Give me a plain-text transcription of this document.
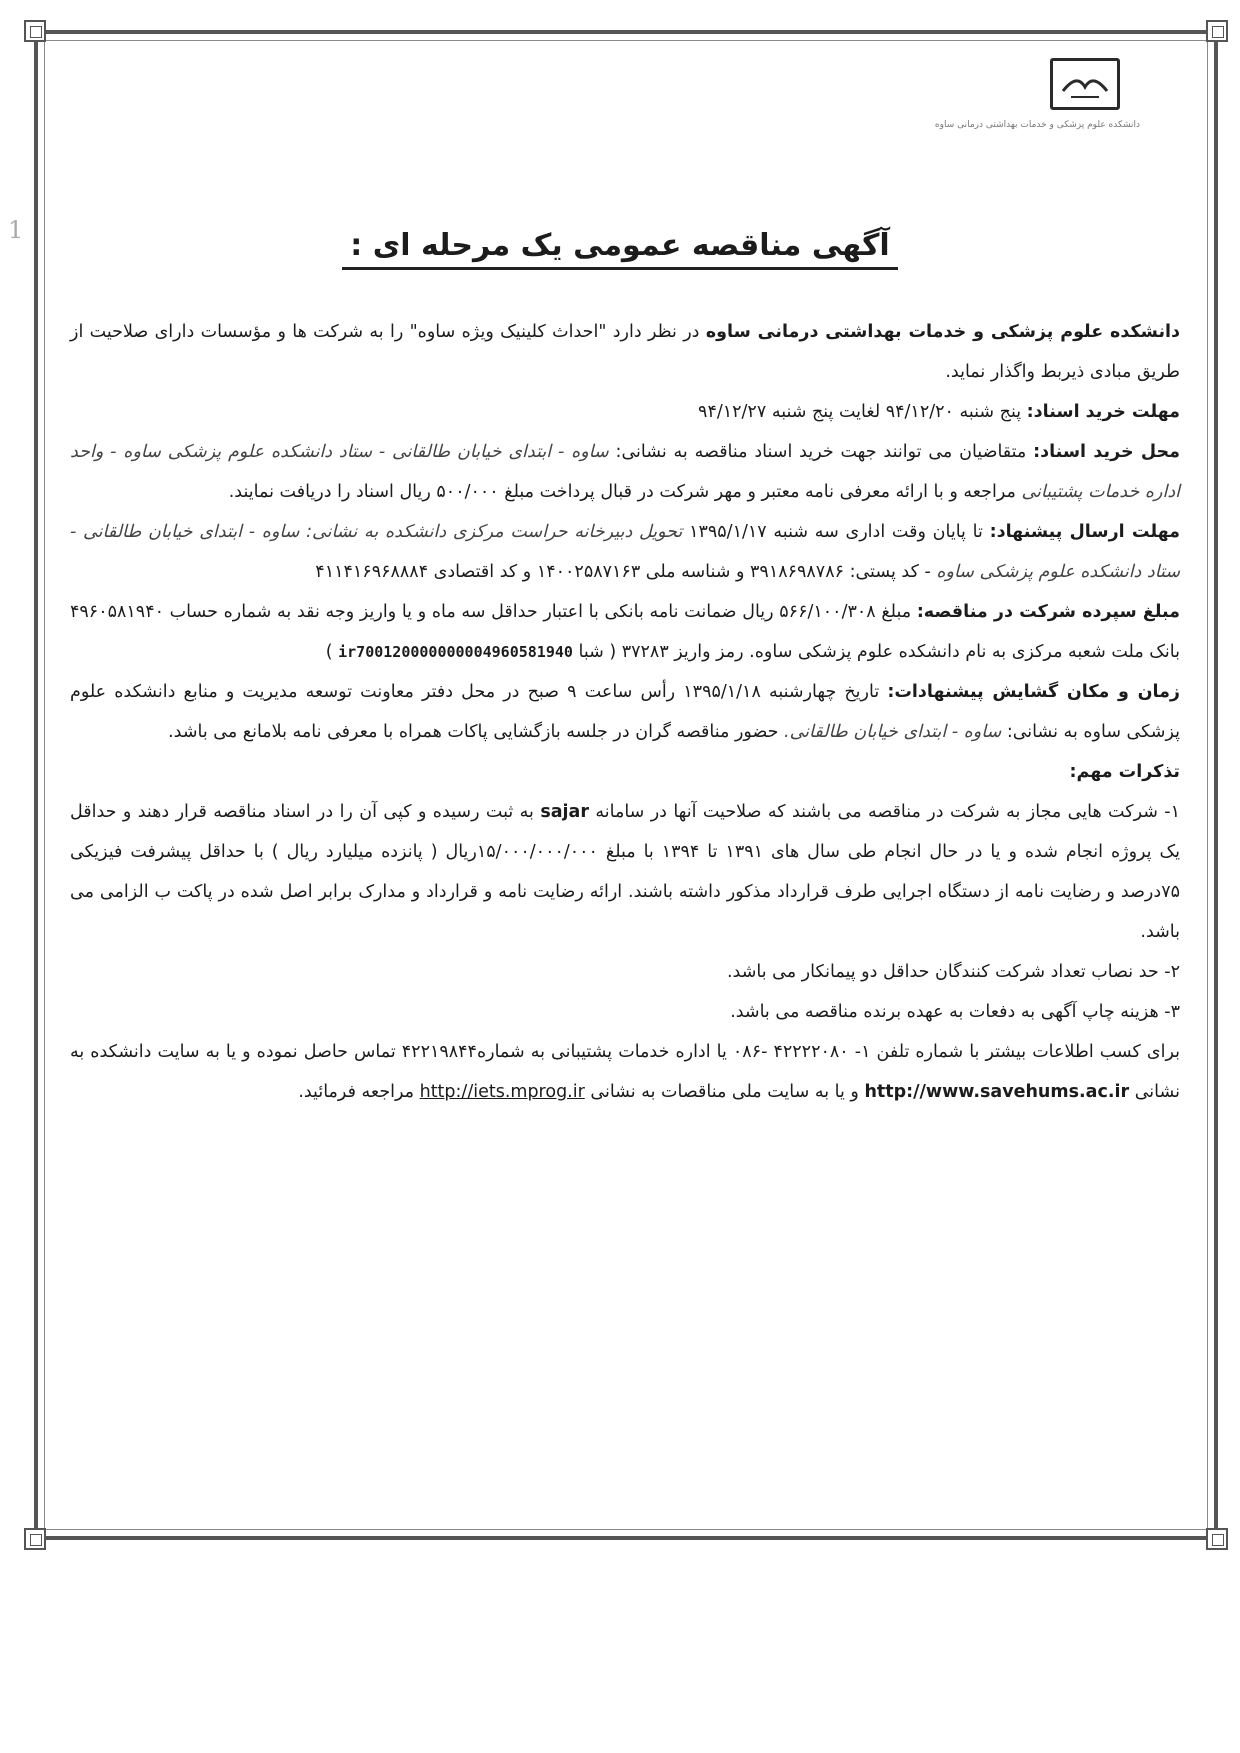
1
دانشکده علوم پزشکی و خدمات بهداشتی درمانی ساوه
آگهی مناقصه عمومی یک مرحله ای :

دانشکده علوم پزشکی و خدمات بهداشتی درمانی ساوه در نظر دارد "احداث کلینیک ویژه ساوه" را به شرکت ها و مؤسسات دارای صلاحیت از طریق مبادی ذیربط واگذار نماید.

مهلت خرید اسناد: پنج شنبه ۹۴/۱۲/۲۰ لغایت پنج شنبه ۹۴/۱۲/۲۷

محل خرید اسناد: متقاضیان می توانند جهت خرید اسناد مناقصه به نشانی: ساوه - ابتدای خیابان طالقانی - ستاد دانشکده علوم پزشکی ساوه - واحد اداره خدمات پشتیبانی مراجعه و با ارائه معرفی نامه معتبر و مهر شرکت در قبال پرداخت مبلغ ۵۰۰/۰۰۰ ریال اسناد را دریافت نمایند.

مهلت ارسال پیشنهاد: تا پایان وقت اداری سه شنبه ۱۳۹۵/۱/۱۷ تحویل دبیرخانه حراست مرکزی دانشکده به نشانی: ساوه - ابتدای خیابان طالقانی - ستاد دانشکده علوم پزشکی ساوه - کد پستی: ۳۹۱۸۶۹۸۷۸۶ و شناسه ملی ۱۴۰۰۲۵۸۷۱۶۳ و کد اقتصادی ۴۱۱۴۱۶۹۶۸۸۸۴

مبلغ سپرده شرکت در مناقصه: مبلغ ۵۶۶/۱۰۰/۳۰۸ ریال ضمانت نامه بانکی با اعتبار حداقل سه ماه و یا واریز وجه نقد به شماره حساب ۴۹۶۰۵۸۱۹۴۰ بانک ملت شعبه مرکزی به نام دانشکده علوم پزشکی ساوه. رمز واریز ۳۷۲۸۳ ( شبا ir700120000000004960581940 )

زمان و مکان گشایش پیشنهادات: تاریخ چهارشنبه ۱۳۹۵/۱/۱۸ رأس ساعت ۹ صبح در محل دفتر معاونت توسعه مدیریت و منابع دانشکده علوم پزشکی ساوه به نشانی: ساوه - ابتدای خیابان طالقانی. حضور مناقصه گران در جلسه بازگشایی پاکات همراه با معرفی نامه بلامانع می باشد.

تذکرات مهم:

۱- شرکت هایی مجاز به شرکت در مناقصه می باشند که صلاحیت آنها در سامانه sajar به ثبت رسیده و کپی آن را در اسناد مناقصه قرار دهند و حداقل یک پروژه انجام شده و یا در حال انجام طی سال های ۱۳۹۱ تا ۱۳۹۴ با مبلغ ۱۵/۰۰۰/۰۰۰/۰۰۰ریال ( پانزده میلیارد ریال ) با حداقل پیشرفت فیزیکی ۷۵درصد و رضایت نامه از دستگاه اجرایی طرف قرارداد مذکور داشته باشند. ارائه رضایت نامه و قرارداد و مدارک برابر اصل شده در پاکت ب الزامی می باشد.

۲- حد نصاب تعداد شرکت کنندگان حداقل دو پیمانکار می باشد.

۳- هزینه چاپ آگهی به دفعات به عهده برنده مناقصه می باشد.

برای کسب اطلاعات بیشتر با شماره تلفن ۱- ۴۲۲۲۲۰۸۰ -۰۸۶ یا اداره خدمات پشتیبانی به شماره۴۲۲۱۹۸۴۴ تماس حاصل نموده و یا به سایت دانشکده به نشانی http://www.savehums.ac.ir و یا به سایت ملی مناقصات به نشانی http://iets.mprog.ir مراجعه فرمائید.
